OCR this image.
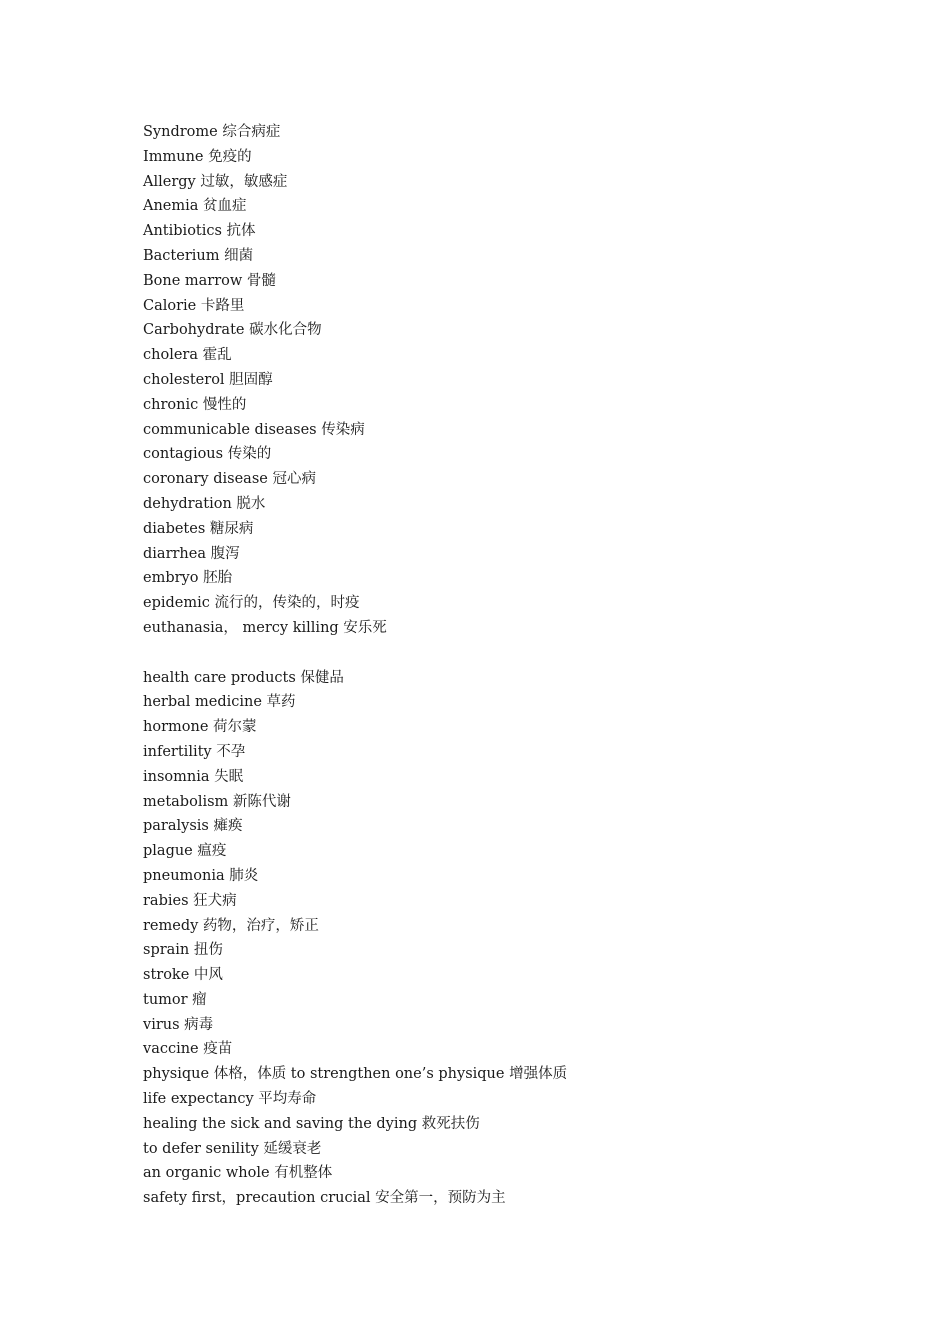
Syndrome 综合病症
Immune 免疫的
Allergy 过敏，敏感症
Anemia 贫血症
Antibiotics 抗体
Bacterium 细菌
Bone marrow 骨髓
Calorie 卡路里
Carbohydrate 碳水化合物
cholera 霍乱
cholesterol 胆固醇
chronic 慢性的
communicable diseases 传染病
contagious 传染的
coronary disease 冠心病
dehydration 脱水
diabetes 糖尿病
diarrhea 腹泻
embryo 胚胎
epidemic 流行的，传染的，时疫
euthanasia， mercy killing 安乐死
health care products 保健品
herbal medicine 草药
hormone 荷尔蒙
infertility 不孕
insomnia 失眠
metabolism 新陈代谢
paralysis 瘫痪
plague 瘟疫
pneumonia 肺炎
rabies 狂犬病
remedy 药物，治疗，矫正
sprain 扭伤
stroke 中风
tumor 瘤
virus 病毒
vaccine 疫苗
physique 体格，体质 to strengthen one’s physique 增强体质
life expectancy 平均寿命
healing the sick and saving the dying 救死扶伤
to defer senility 延缓衰老
an organic whole 有机整体
safety first，precaution crucial 安全第一，预防为主
